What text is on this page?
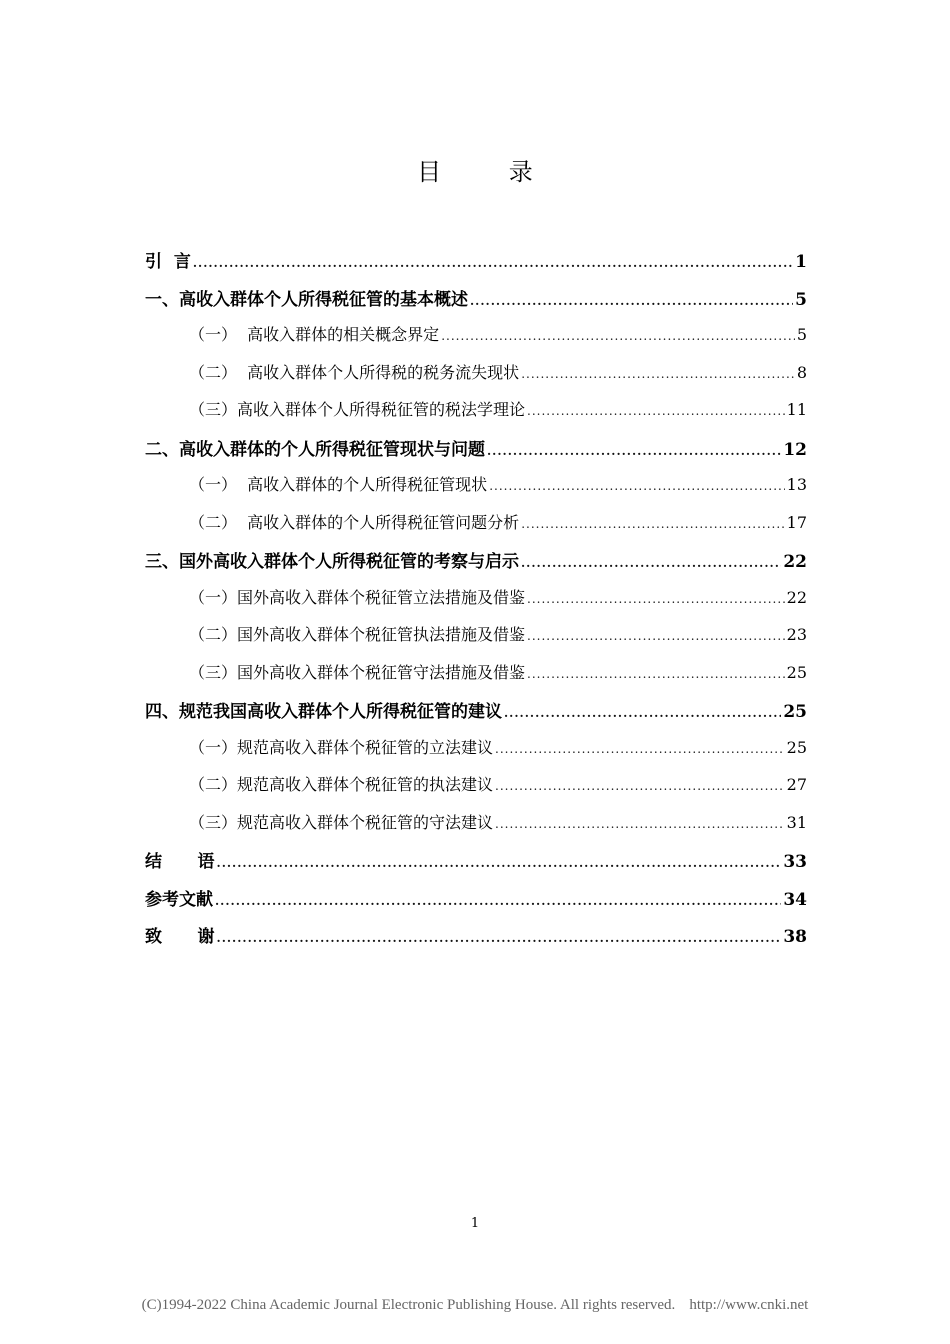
目 录
引  言 .....	1
一、高收入群体个人所得税征管的基本概述 .....	5
（一）  高收入群体的相关概念界定 .....	5
（二）  高收入群体个人所得税的税务流失现状 .....	8
（三）高收入群体个人所得税征管的税法学理论 .....	11
二、高收入群体的个人所得税征管现状与问题 .....	12
（一）  高收入群体的个人所得税征管现状 .....	13
（二）  高收入群体的个人所得税征管问题分析 .....	17
三、国外高收入群体个人所得税征管的考察与启示 .....	22
（一）国外高收入群体个税征管立法措施及借鉴 .....	22
（二）国外高收入群体个税征管执法措施及借鉴 .....	23
（三）国外高收入群体个税征管守法措施及借鉴 .....	25
四、规范我国高收入群体个人所得税征管的建议 .....	25
（一）规范高收入群体个税征管的立法建议 .....	25
（二）规范高收入群体个税征管的执法建议 .....	27
（三）规范高收入群体个税征管的守法建议 .....	31
结      语 .....	33
参考文献 .....	34
致      谢 .....	38
1
(C)1994-2022 China Academic Journal Electronic Publishing House. All rights reserved. http://www.cnki.net
